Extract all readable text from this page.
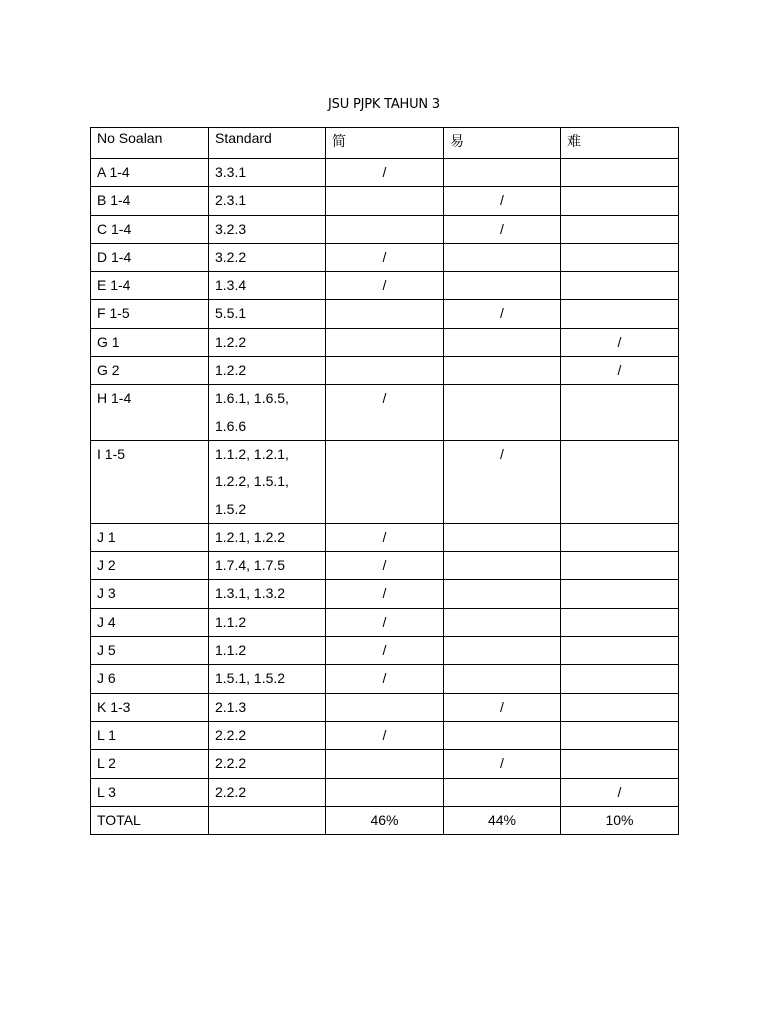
JSU PJPK TAHUN 3
No Soalan	Standard	简	易	难
A 1-4	3.3.1	/		
B 1-4	2.3.1		/	
C 1-4	3.2.3		/	
D 1-4	3.2.2	/		
E 1-4	1.3.4	/		
F 1-5	5.5.1		/	
G 1	1.2.2			/
G 2	1.2.2			/
H 1-4	1.6.1, 1.6.5,
1.6.6	/		
I 1-5	1.1.2, 1.2.1,
1.2.2, 1.5.1,
1.5.2		/	
J 1	1.2.1, 1.2.2	/		
J 2	1.7.4, 1.7.5	/		
J 3	1.3.1, 1.3.2	/		
J 4	1.1.2	/		
J 5	1.1.2	/		
J 6	1.5.1, 1.5.2	/		
K 1-3	2.1.3		/	
L 1	2.2.2	/		
L 2	2.2.2		/	
L 3	2.2.2			/
TOTAL		46%	44%	10%
